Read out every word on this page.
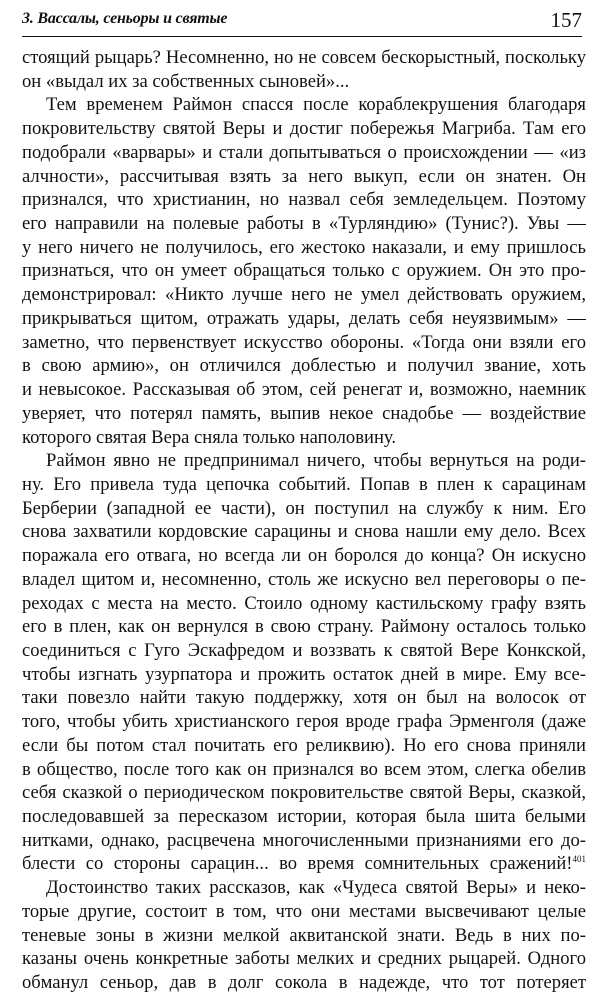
3. Вассалы, сеньоры и святые	157
стоящий рыцарь? Несомненно, но не совсем бескорыстный, поскольку
он «выдал их за собственных сыновей»...
Тем временем Раймон спасся после кораблекрушения благодаря
покровительству святой Веры и достиг побережья Магриба. Там его
подобрали «варвары» и стали допытываться о происхождении — «из
алчности», рассчитывая взять за него выкуп, если он знатен. Он
признался, что христианин, но назвал себя земледельцем. Поэтому
его направили на полевые работы в «Турляндию» (Тунис?). Увы —
у него ничего не получилось, его жестоко наказали, и ему пришлось
признаться, что он умеет обращаться только с оружием. Он это про-
демонстрировал: «Никто лучше него не умел действовать оружием,
прикрываться щитом, отражать удары, делать себя неуязвимым» —
заметно, что первенствует искусство обороны. «Тогда они взяли его
в свою армию», он отличился доблестью и получил звание, хоть
и невысокое. Рассказывая об этом, сей ренегат и, возможно, наемник
уверяет, что потерял память, выпив некое снадобье — воздействие
которого святая Вера сняла только наполовину.
Раймон явно не предпринимал ничего, чтобы вернуться на роди-
ну. Его привела туда цепочка событий. Попав в плен к сарацинам
Берберии (западной ее части), он поступил на службу к ним. Его
снова захватили кордовские сарацины и снова нашли ему дело. Всех
поражала его отвага, но всегда ли он боролся до конца? Он искусно
владел щитом и, несомненно, столь же искусно вел переговоры о пе-
реходах с места на место. Стоило одному кастильскому графу взять
его в плен, как он вернулся в свою страну. Раймону осталось только
соединиться с Гуго Эскафредом и воззвать к святой Вере Конкской,
чтобы изгнать узурпатора и прожить остаток дней в мире. Ему все-
таки повезло найти такую поддержку, хотя он был на волосок от
того, чтобы убить христианского героя вроде графа Эрменголя (даже
если бы потом стал почитать его реликвию). Но его снова приняли
в общество, после того как он признался во всем этом, слегка обелив
себя сказкой о периодическом покровительстве святой Веры, сказкой,
последовавшей за пересказом истории, которая была шита белыми
нитками, однако, расцвечена многочисленными признаниями его до-
блести со стороны сарацин... во время сомнительных сражений!$^{401}$
Достоинство таких рассказов, как «Чудеса святой Веры» и неко-
торые другие, состоит в том, что они местами высвечивают целые
теневые зоны в жизни мелкой аквитанской знати. Ведь в них по-
казаны очень конкретные заботы мелких и средних рыцарей. Одного
обманул сеньор, дав в долг сокола в надежде, что тот потеряет
